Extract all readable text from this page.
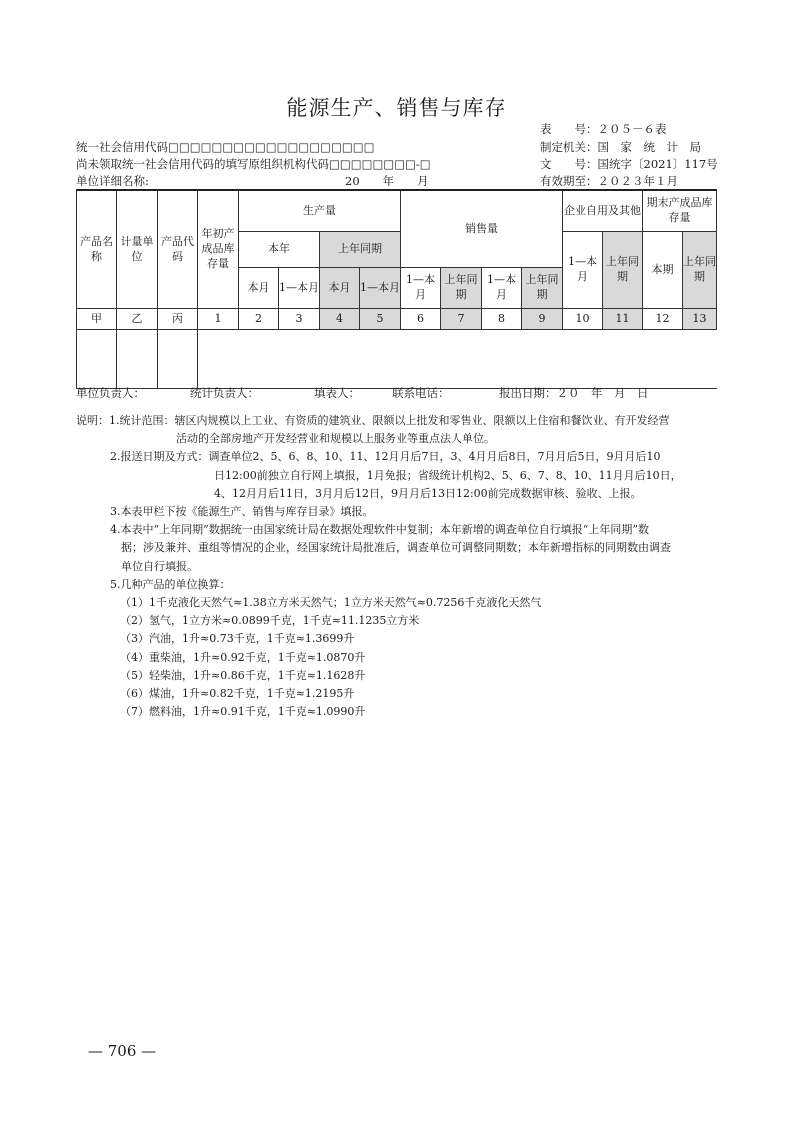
能源生产、销售与库存
统一社会信用代码□□□□□□□□□□□□□□□□□□□
尚未领取统一社会信用代码的填写原组织机构代码□□□□□□□□-□
单位详细名称:	20　　年　　月
表　　号：２０５－６表
制定机关：国　家　统　计　局
文　　号：国统字〔2021〕117号
有效期至：２０２３年１月
产品名称	计量单位	产品代码	年初产成品库存量	生产量				销售量				企业自用及其他		期末产成品库存量	
				本年		上年同期						1—本月	上年同期	本期	上年同期
				本月	1—本月	本月	1—本月	1—本月	上年同期	1—本月	上年同期				
甲	乙	丙	1	2	3	4	5	6	7	8	9	10	11	12	13

单位负责人：	统计负责人：	填表人：	联系电话：	报出日期：２０　年　月　日

说明：1.统计范围：辖区内规模以上工业、有资质的建筑业、限额以上批发和零售业、限额以上住宿和餐饮业、有开发经营

活动的全部房地产开发经营业和规模以上服务业等重点法人单位。

2.报送日期及方式：调查单位2、5、6、8、10、11、12月月后7日，3、4月月后8日，7月月后5日，9月月后10

日12:00前独立自行网上填报，1月免报；省级统计机构2、5、6、7、8、10、11月月后10日，

4、12月月后11日，3月月后12日，9月月后13日12:00前完成数据审核、验收、上报。

3.本表甲栏下按《能源生产、销售与库存目录》填报。

4.本表中“上年同期”数据统一由国家统计局在数据处理软件中复制；本年新增的调查单位自行填报“上年同期”数

据；涉及兼并、重组等情况的企业，经国家统计局批准后，调查单位可调整同期数；本年新增指标的同期数由调查

单位自行填报。

5.几种产品的单位换算：

（1）1千克液化天然气≈1.38立方米天然气；1立方米天然气≈0.7256千克液化天然气

（2）氢气，1立方米≈0.0899千克，1千克≈11.1235立方米

（3）汽油，1升≈0.73千克，1千克≈1.3699升

（4）重柴油，1升≈0.92千克，1千克≈1.0870升

（5）轻柴油，1升≈0.86千克，1千克≈1.1628升

（6）煤油，1升≈0.82千克，1千克≈1.2195升

（7）燃料油，1升≈0.91千克，1千克≈1.0990升

— 706 —
